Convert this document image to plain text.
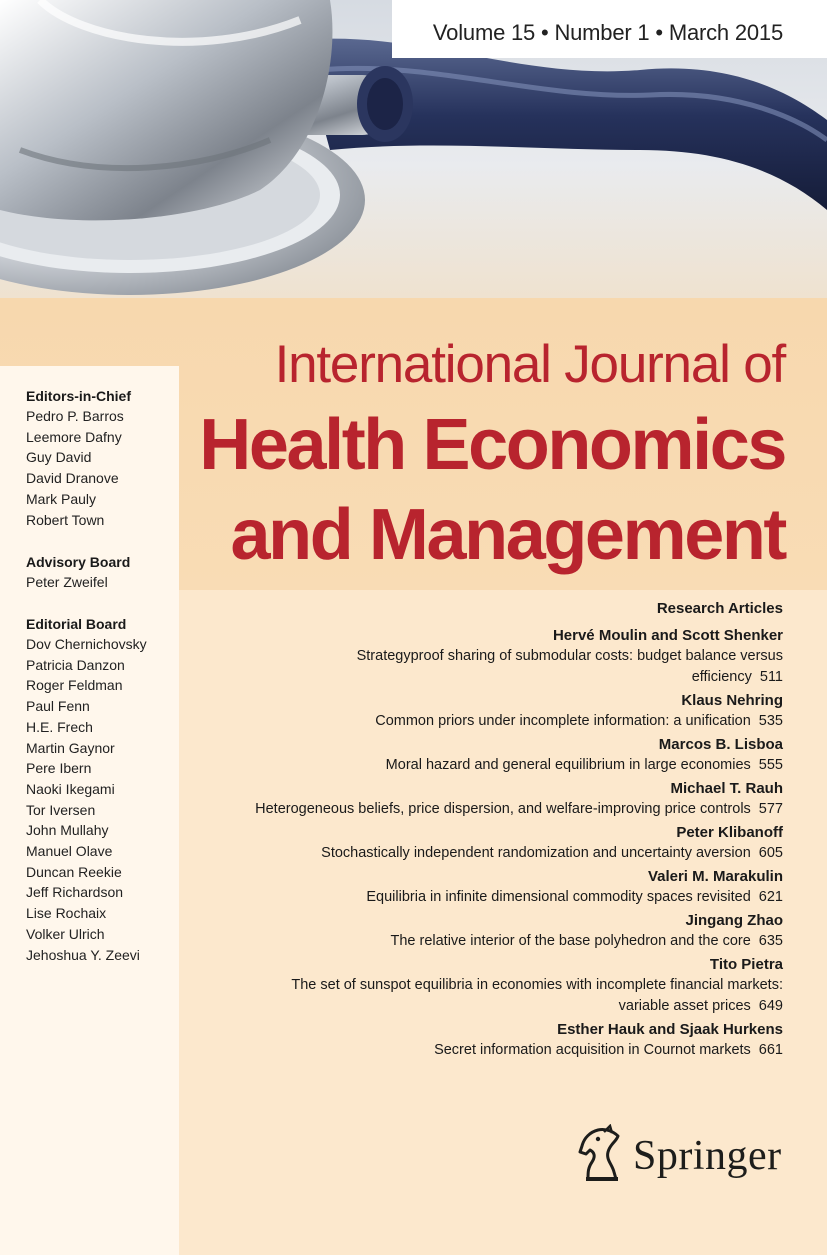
Volume 15 • Number 1 • March 2015
International Journal of
Health Economics
and Management

Editors-in-Chief

Pedro P. Barros

Leemore Dafny

Guy David

David Dranove

Mark Pauly

Robert Town

Advisory Board

Peter Zweifel

Editorial Board

Dov Chernichovsky

Patricia Danzon

Roger Feldman

Paul Fenn

H.E. Frech

Martin Gaynor

Pere Ibern

Naoki Ikegami

Tor Iversen

John Mullahy

Manuel Olave

Duncan Reekie

Jeff Richardson

Lise Rochaix

Volker Ulrich

Jehoshua Y. Zeevi

Research Articles

Hervé Moulin and Scott Shenker
Strategyproof sharing of submodular costs: budget balance versus
efficiency 511
Klaus Nehring
Common priors under incomplete information: a unification 535
Marcos B. Lisboa
Moral hazard and general equilibrium in large economies 555
Michael T. Rauh
Heterogeneous beliefs, price dispersion, and welfare-improving price controls 577
Peter Klibanoff
Stochastically independent randomization and uncertainty aversion 605
Valeri M. Marakulin
Equilibria in infinite dimensional commodity spaces revisited 621
Jingang Zhao
The relative interior of the base polyhedron and the core 635
Tito Pietra
The set of sunspot equilibria in economies with incomplete financial markets:
variable asset prices 649
Esther Hauk and Sjaak Hurkens
Secret information acquisition in Cournot markets 661
Springer
